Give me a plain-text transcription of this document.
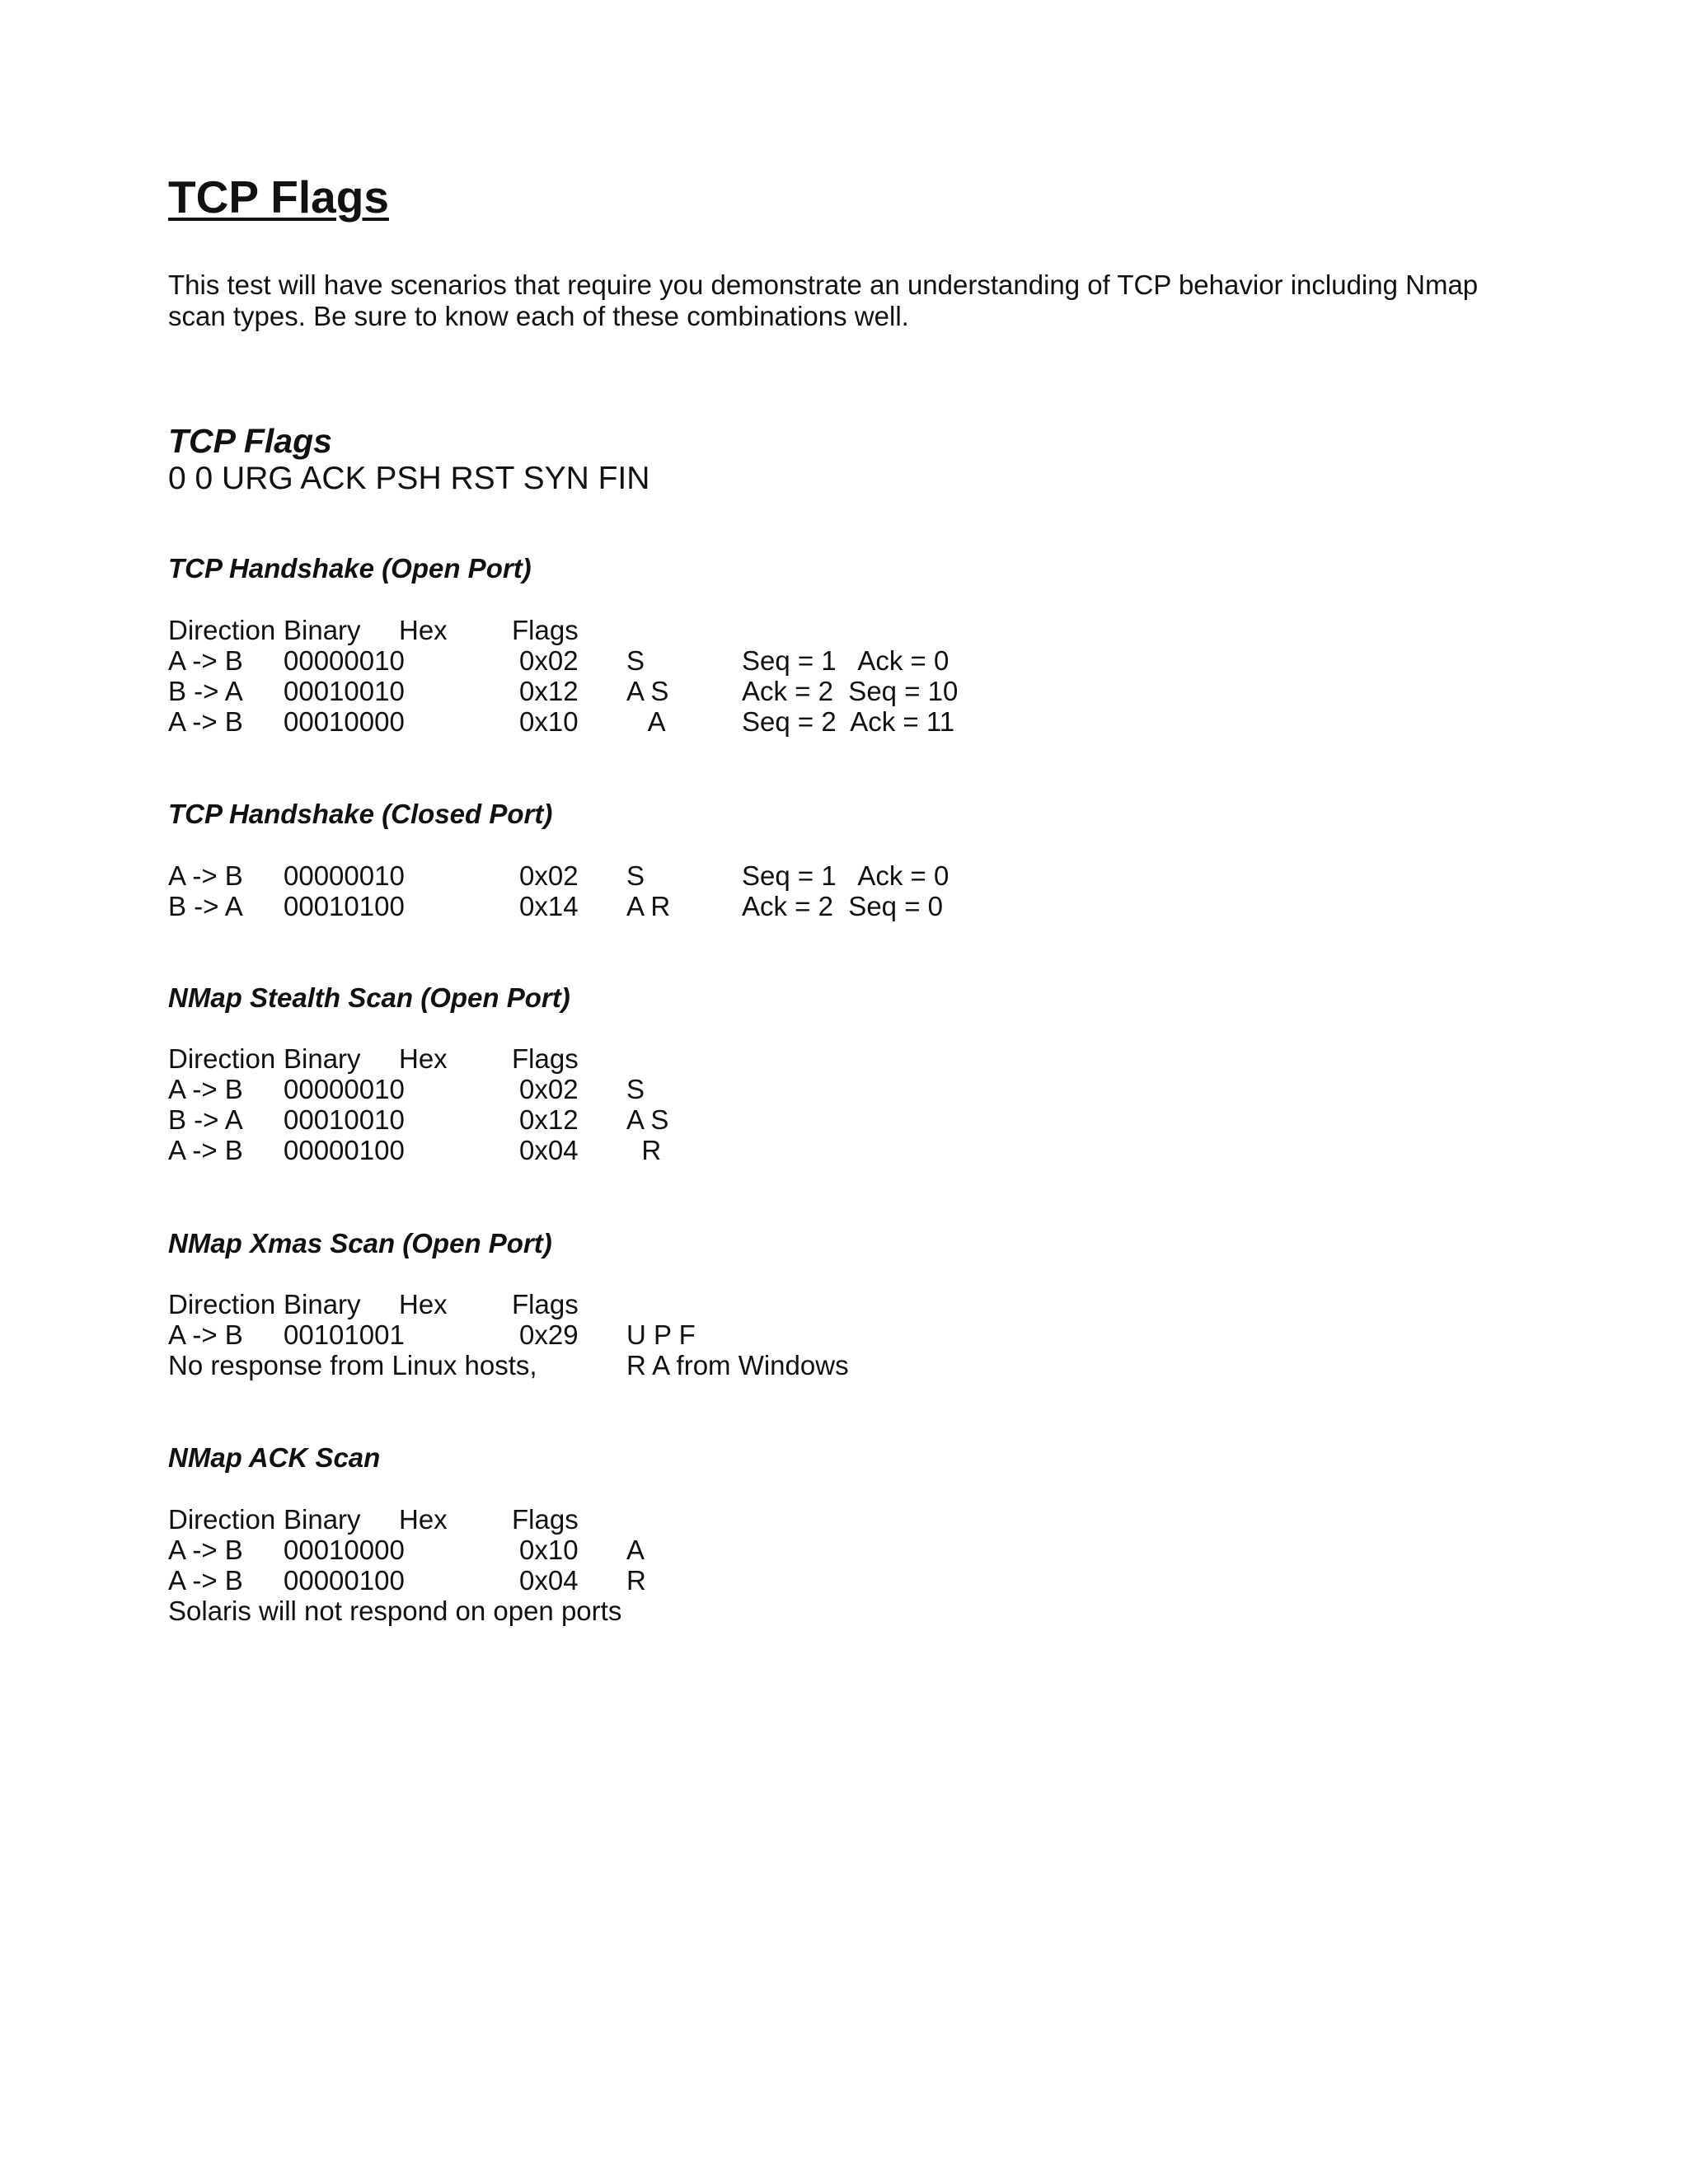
TCP Flags

This test will have scenarios that require you demonstrate an understanding of TCP behavior including Nmap scan types. Be sure to know each of these combinations well.

TCP Flags
0 0 URG ACK PSH RST SYN FIN
TCP Handshake (Open Port)
Direction Binary Hex Flags
A -> B 00000010	0x02 S	Seq = 1   Ack = 0
B -> A 00010010	0x12 A S	Ack = 2  Seq = 10
A -> B 00010000	0x10 A	Seq = 2  Ack = 11
TCP Handshake (Closed Port)
A -> B 00000010	0x02 S	Seq = 1   Ack = 0
B -> A 00010100	0x14 A R	Ack = 2  Seq = 0
NMap Stealth Scan (Open Port)
Direction Binary Hex Flags
A -> B 00000010	0x02 S
B -> A 00010010	0x12 A S
A -> B 00000100	0x04 R
NMap Xmas Scan (Open Port)
Direction Binary Hex Flags
A -> B 00101001	0x29 U P F
No response from Linux hosts,	R A from Windows
NMap ACK Scan
Direction Binary Hex Flags
A -> B 00010000	0x10 A
A -> B 00000100	0x04 R
Solaris will not respond on open ports
